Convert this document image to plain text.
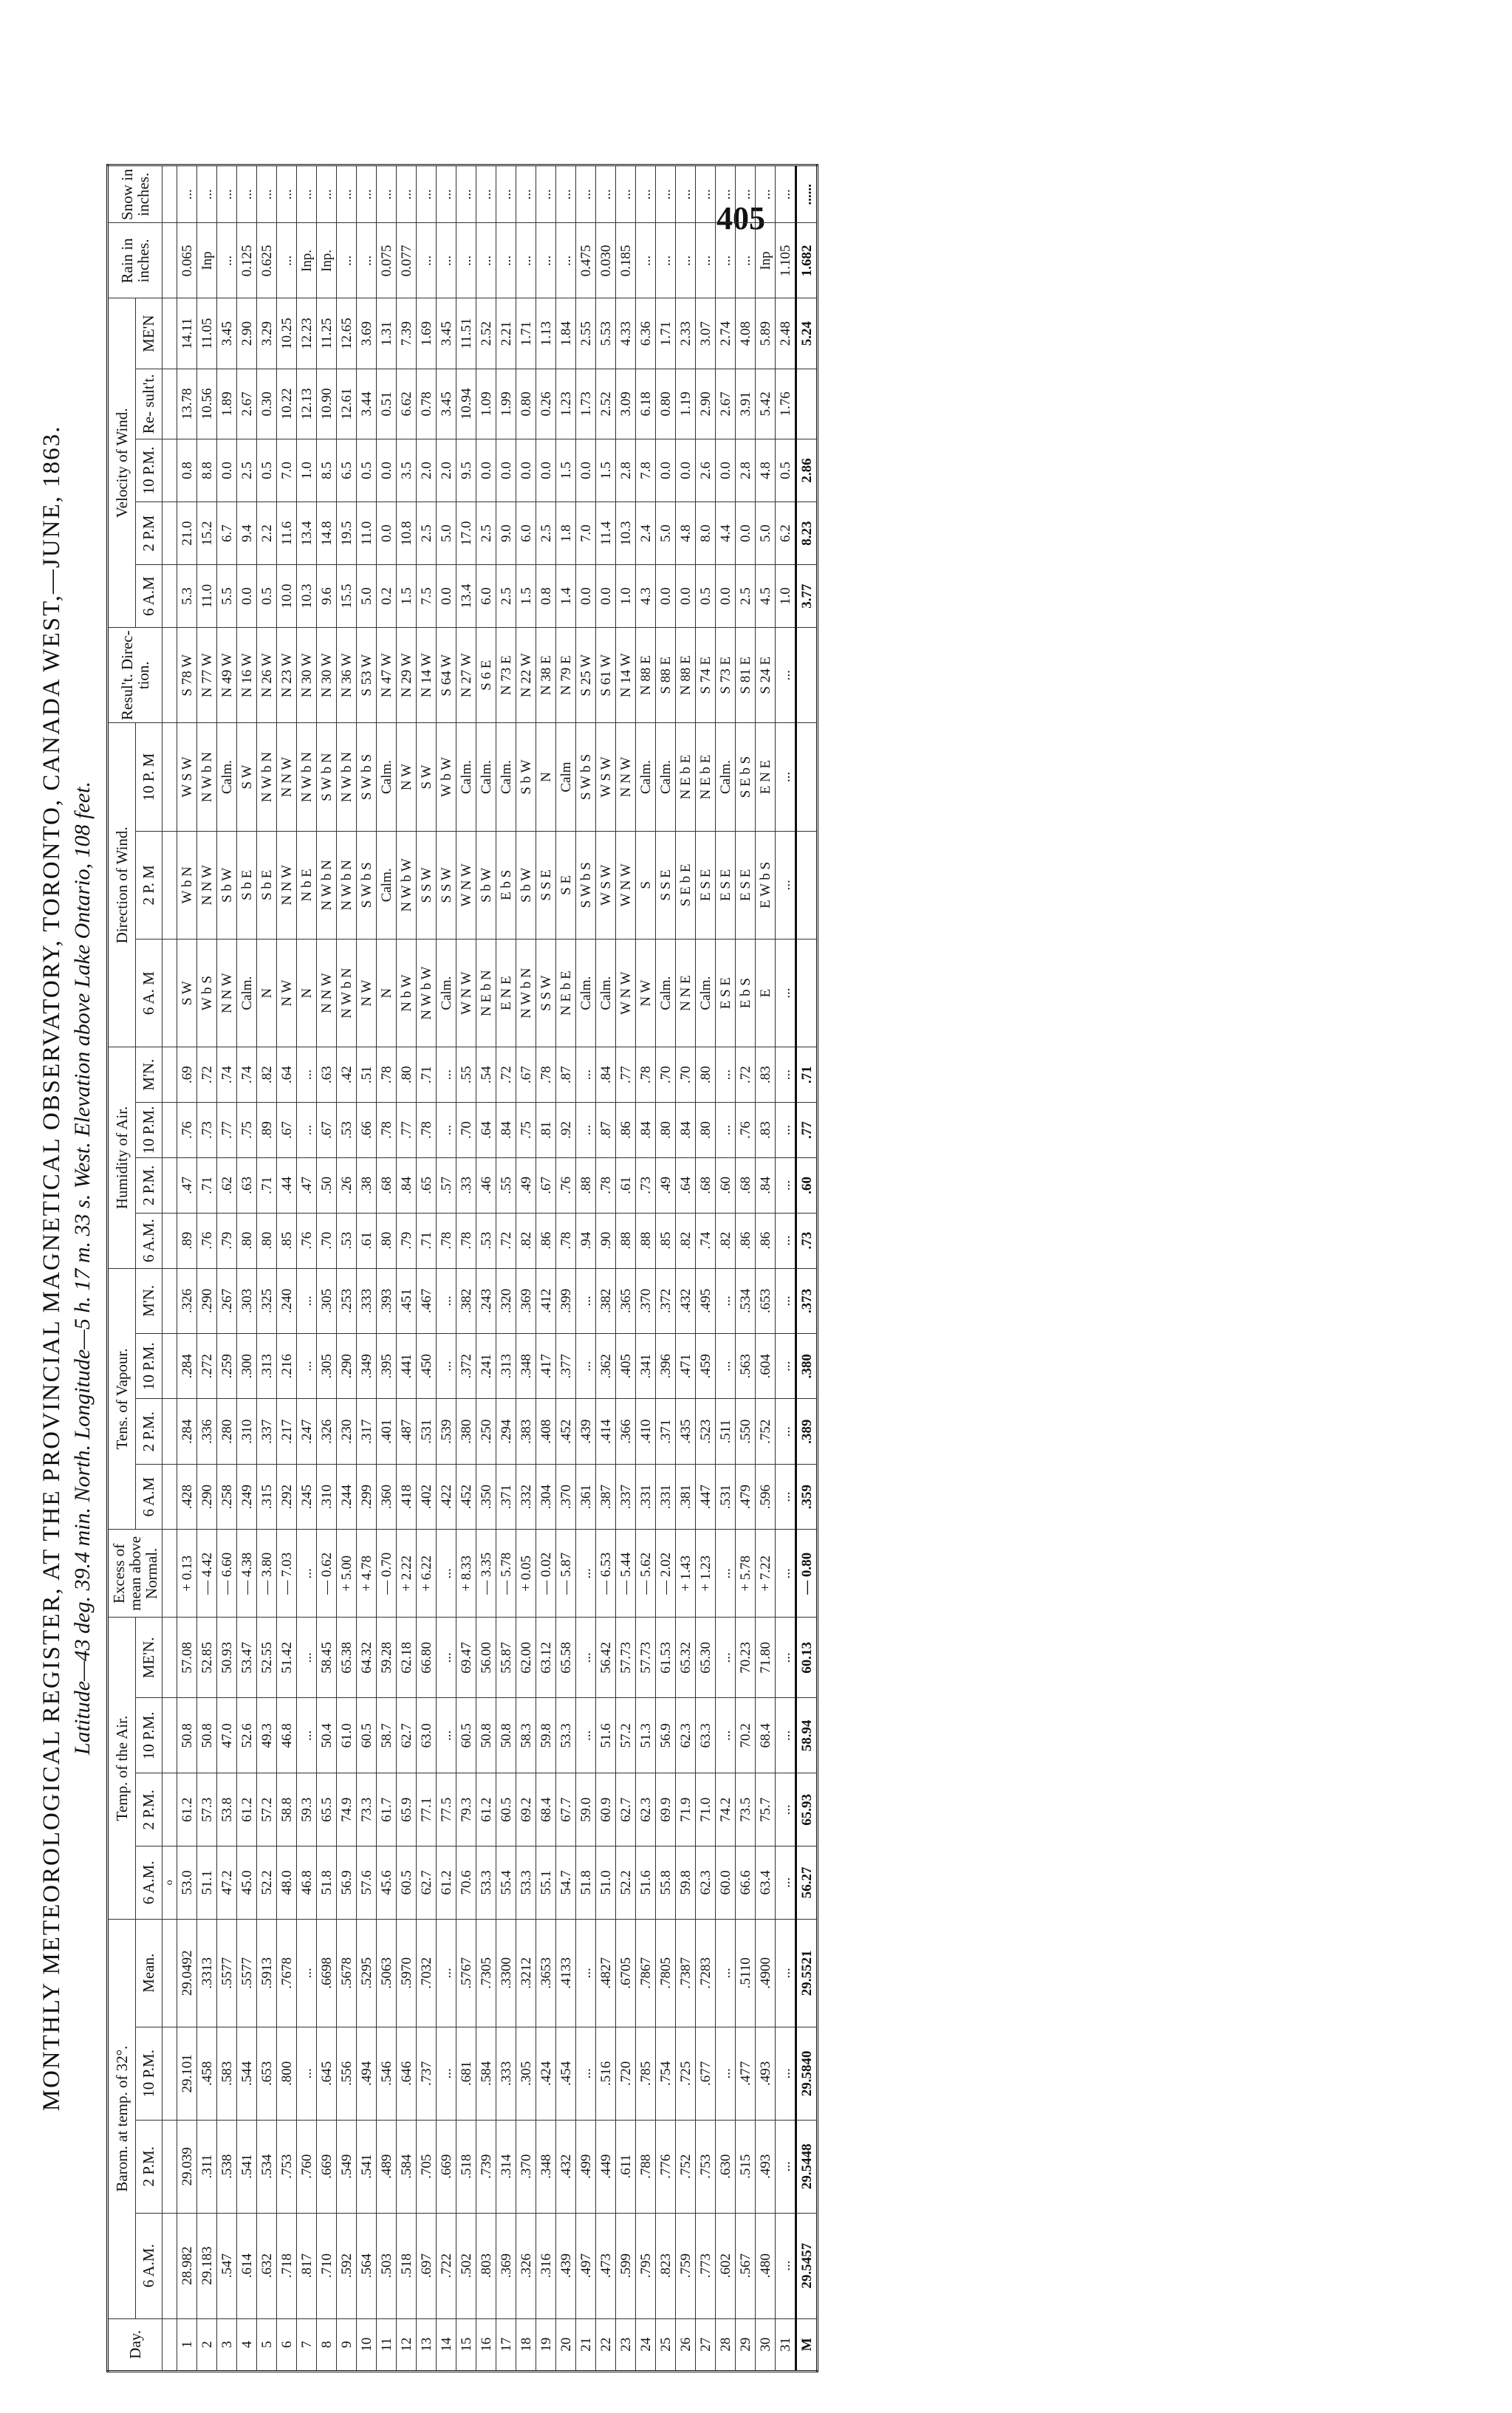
405
MONTHLY METEOROLOGICAL REGISTER, AT THE PROVINCIAL MAGNETICAL OBSERVATORY, TORONTO, CANADA WEST,—JUNE, 1863. Latitude—43 deg. 39.4 min. North. Longitude—5 h. 17 m. 33 s. West. Elevation above Lake Ontario, 108 feet.
Day.	Barom. at temp. of 32°.				Temp. of the Air.				Excess of mean above Normal.	Tens. of Vapour.				Humidity of Air.				Direction of Wind.			Resul't. Direc- tion.	Velocity of Wind.					Rain in inches.	Snow in inches.
	6 A.M.	2 P.M.	10 P.M.	Mean.	6 A.M.	2 P.M.	10 P.M.	ME'N.		6 A.M	2 P.M.	10 P.M.	M'N.	6 A.M.	2 P.M.	10 P.M.	M'N.	6 A. M	2 P. M	10 P. M		6 A.M	2 P.M	10 P.M.	Re- sult't.	ME'N		
					o																							
1	28.982	29.039	29.101	29.0492	53.0	61.2	50.8	57.08	+ 0.13	.428	.284	.284	.326	.89	.47	.76	.69	S W	W b N	W S W	S 78 W	5.3	21.0	0.8	13.78	14.11	0.065	...
2	29.183	.311	.458	.3313	51.1	57.3	50.8	52.85	— 4.42	.290	.336	.272	.290	.76	.71	.73	.72	W b S	N N W	N W b N	N 77 W	11.0	15.2	8.8	10.56	11.05	Inp	...
3	.547	.538	.583	.5577	47.2	53.8	47.0	50.93	— 6.60	.258	.280	.259	.267	.79	.62	.77	.74	N N W	S b W	Calm.	N 49 W	5.5	6.7	0.0	1.89	3.45	...	...
4	.614	.541	.544	.5577	45.0	61.2	52.6	53.47	— 4.38	.249	.310	.300	.303	.80	.63	.75	.74	Calm.	S b E	S W	N 16 W	0.0	9.4	2.5	2.67	2.90	0.125	...
5	.632	.534	.653	.5913	52.2	57.2	49.3	52.55	— 3.80	.315	.337	.313	.325	.80	.71	.89	.82	N	S b E	N W b N	N 26 W	0.5	2.2	0.5	0.30	3.29	0.625	...
6	.718	.753	.800	.7678	48.0	58.8	46.8	51.42	— 7.03	.292	.217	.216	.240	.85	.44	.67	.64	N W	N N W	N N W	N 23 W	10.0	11.6	7.0	10.22	10.25	...	...
7	.817	.760	...	...	46.8	59.3	...	...	...	.245	.247	...	...	.76	.47	...	...	N	N b E	N W b N	N 30 W	10.3	13.4	1.0	12.13	12.23	Inp.	...
8	.710	.669	.645	.6698	51.8	65.5	50.4	58.45	— 0.62	.310	.326	.305	.305	.70	.50	.67	.63	N N W	N W b N	S W b N	N 30 W	9.6	14.8	8.5	10.90	11.25	Inp.	...
9	.592	.549	.556	.5678	56.9	74.9	61.0	65.38	+ 5.00	.244	.230	.290	.253	.53	.26	.53	.42	N W b N	N W b N	N W b N	N 36 W	15.5	19.5	6.5	12.61	12.65	...	...
10	.564	.541	.494	.5295	57.6	73.3	60.5	64.32	+ 4.78	.299	.317	.349	.333	.61	.38	.66	.51	N W	S W b S	S W b S	S 53 W	5.0	11.0	0.5	3.44	3.69	...	...
11	.503	.489	.546	.5063	45.6	61.7	58.7	59.28	— 0.70	.360	.401	.395	.393	.80	.68	.78	.78	N	Calm.	Calm.	N 47 W	0.2	0.0	0.0	0.51	1.31	0.075	...
12	.518	.584	.646	.5970	60.5	65.9	62.7	62.18	+ 2.22	.418	.487	.441	.451	.79	.84	.77	.80	N b W	N W b W	N W	N 29 W	1.5	10.8	3.5	6.62	7.39	0.077	...
13	.697	.705	.737	.7032	62.7	77.1	63.0	66.80	+ 6.22	.402	.531	.450	.467	.71	.65	.78	.71	N W b W	S S W	S W	N 14 W	7.5	2.5	2.0	0.78	1.69	...	...
14	.722	.669	...	...	61.2	77.5	...	...	...	.422	.539	...	...	.78	.57	...	...	Calm.	S S W	W b W	S 64 W	0.0	5.0	2.0	3.45	3.45	...	...
15	.502	.518	.681	.5767	70.6	79.3	60.5	69.47	+ 8.33	.452	.380	.372	.382	.78	.33	.70	.55	W N W	W N W	Calm.	N 27 W	13.4	17.0	9.5	10.94	11.51	...	...
16	.803	.739	.584	.7305	53.3	61.2	50.8	56.00	— 3.35	.350	.250	.241	.243	.53	.46	.64	.54	N E b N	S b W	Calm.	S 6 E	6.0	2.5	0.0	1.09	2.52	...	...
17	.369	.314	.333	.3300	55.4	60.5	50.8	55.87	— 5.78	.371	.294	.313	.320	.72	.55	.84	.72	E N E	E b S	Calm.	N 73 E	2.5	9.0	0.0	1.99	2.21	...	...
18	.326	.370	.305	.3212	53.3	69.2	58.3	62.00	+ 0.05	.332	.383	.348	.369	.82	.49	.75	.67	N W b N	S b W	S b W	N 22 W	1.5	6.0	0.0	0.80	1.71	...	...
19	.316	.348	.424	.3653	55.1	68.4	59.8	63.12	— 0.02	.304	.408	.417	.412	.86	.67	.81	.78	S S W	S S E	N	N 38 E	0.8	2.5	0.0	0.26	1.13	...	...
20	.439	.432	.454	.4133	54.7	67.7	53.3	65.58	— 5.87	.370	.452	.377	.399	.78	.76	.92	.87	N E b E	S E	Calm	N 79 E	1.4	1.8	1.5	1.23	1.84	...	...
21	.497	.499	...	...	51.8	59.0	...	...	...	.361	.439	...	...	.94	.88	...	...	Calm.	S W b S	S W b S	S 25 W	0.0	7.0	0.0	1.73	2.55	0.475	...
22	.473	.449	.516	.4827	51.0	60.9	51.6	56.42	— 6.53	.387	.414	.362	.382	.90	.78	.87	.84	Calm.	W S W	W S W	S 61 W	0.0	11.4	1.5	2.52	5.53	0.030	...
23	.599	.611	.720	.6705	52.2	62.7	57.2	57.73	— 5.44	.337	.366	.405	.365	.88	.61	.86	.77	W N W	W N W	N N W	N 14 W	1.0	10.3	2.8	3.09	4.33	0.185	...
24	.795	.788	.785	.7867	51.6	62.3	51.3	57.73	— 5.62	.331	.410	.341	.370	.88	.73	.84	.78	N W	S	Calm.	N 88 E	4.3	2.4	7.8	6.18	6.36	...	...
25	.823	.776	.754	.7805	55.8	69.9	56.9	61.53	— 2.02	.331	.371	.396	.372	.85	.49	.80	.70	Calm.	S S E	Calm.	S 88 E	0.0	5.0	0.0	0.80	1.71	...	...
26	.759	.752	.725	.7387	59.8	71.9	62.3	65.32	+ 1.43	.381	.435	.471	.432	.82	.64	.84	.70	N N E	S E b E	N E b E	N 88 E	0.0	4.8	0.0	1.19	2.33	...	...
27	.773	.753	.677	.7283	62.3	71.0	63.3	65.30	+ 1.23	.447	.523	.459	.495	.74	.68	.80	.80	Calm.	E S E	N E b E	S 74 E	0.5	8.0	2.6	2.90	3.07	...	...
28	.602	.630	...	...	60.0	74.2	...	...	...	.531	.511	...	...	.82	.60	...	...	E S E	E S E	Calm.	S 73 E	0.0	4.4	0.0	2.67	2.74	...	...
29	.567	.515	.477	.5110	66.6	73.5	70.2	70.23	+ 5.78	.479	.550	.563	.534	.86	.68	.76	.72	E b S	E S E	S E b S	S 81 E	2.5	0.0	2.8	3.91	4.08	...	...
30	.480	.493	.493	.4900	63.4	75.7	68.4	71.80	+ 7.22	.596	.752	.604	.653	.86	.84	.83	.83	E	E W b S	E N E	S 24 E	4.5	5.0	4.8	5.42	5.89	Inp	...
31	...	...	...	...	...	...	...	...	...	...	...	...	...	...	...	...	...	...	...	...	...	1.0	6.2	0.5	1.76	2.48	1.105	...
M	29.5457	29.5448	29.5840	29.5521	56.27	65.93	58.94	60.13	— 0.80	.359	.389	.380	.373	.73	.60	.77	.71					3.77	8.23	2.86		5.24	1.682	......
